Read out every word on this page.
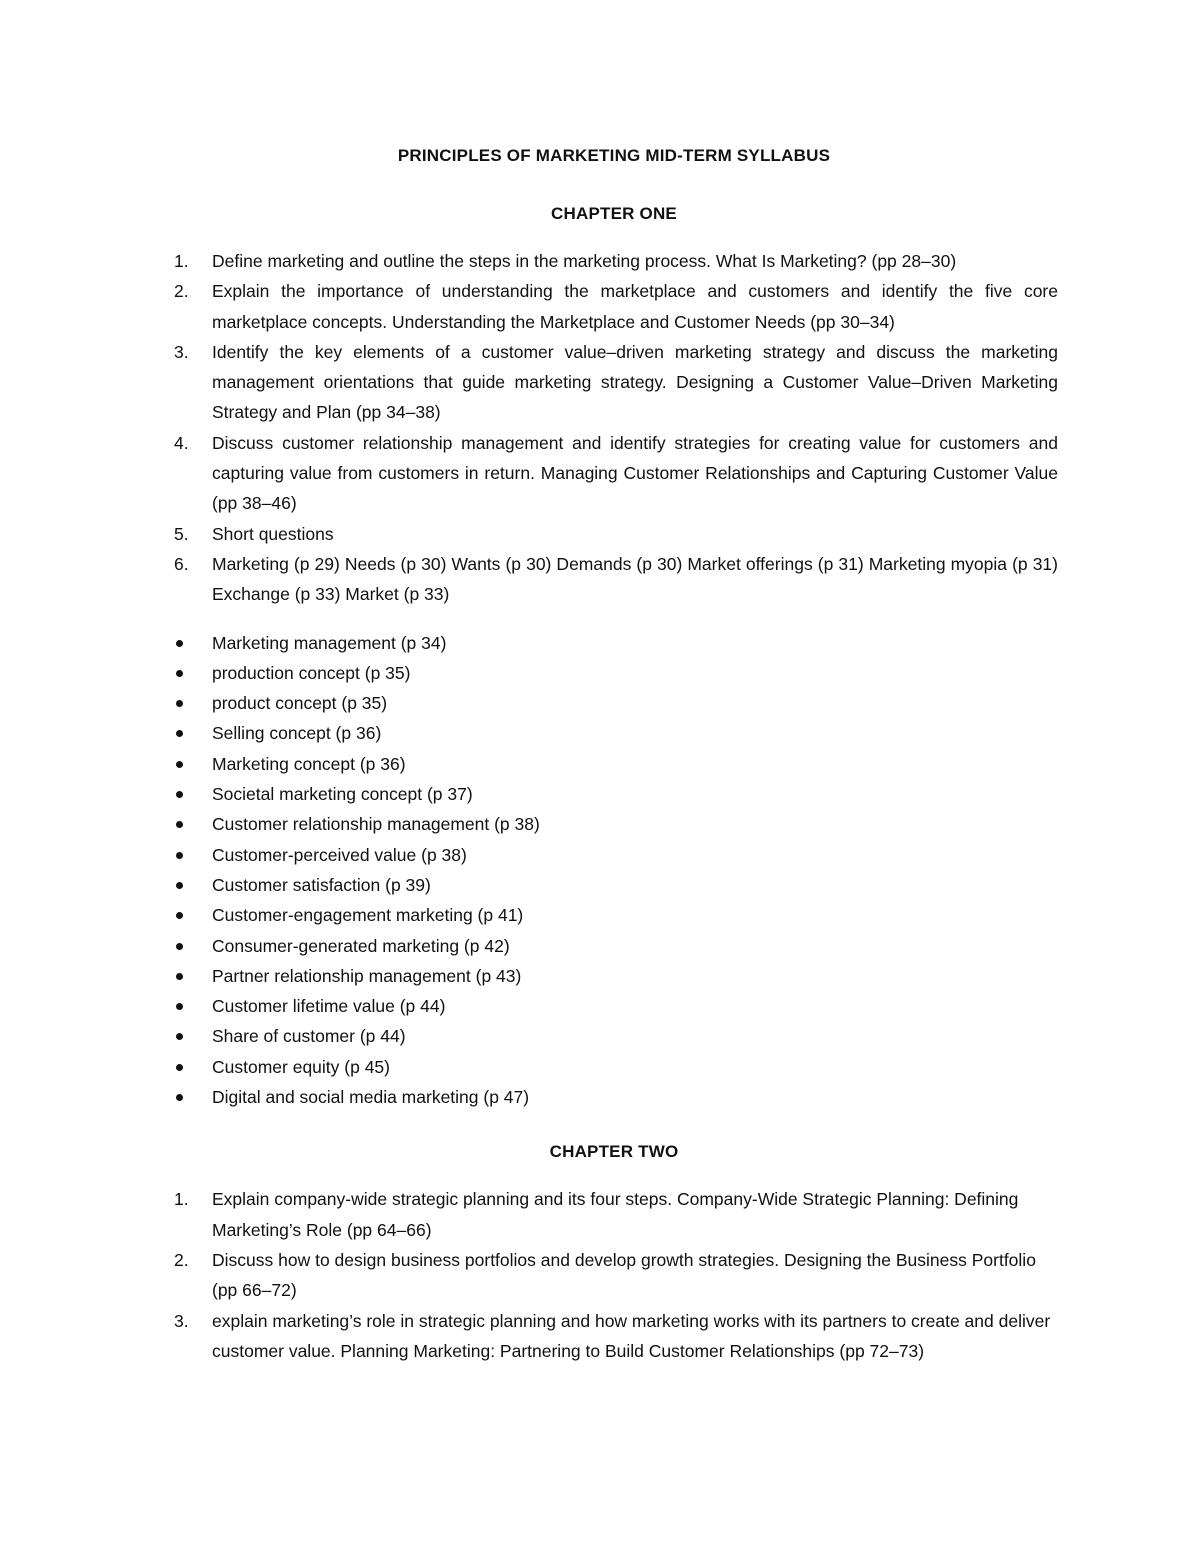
PRINCIPLES OF MARKETING MID-TERM SYLLABUS
CHAPTER ONE
1.	Define marketing and outline the steps in the marketing process. What Is Marketing? (pp 28–30)
2.	Explain the importance of understanding the marketplace and customers and identify the five core marketplace concepts. Understanding the Marketplace and Customer Needs (pp 30–34)
3.	Identify the key elements of a customer value–driven marketing strategy and discuss the marketing management orientations that guide marketing strategy. Designing a Customer Value–Driven Marketing Strategy and Plan (pp 34–38)
4.	Discuss customer relationship management and identify strategies for creating value for customers and capturing value from customers in return. Managing Customer Relationships and Capturing Customer Value (pp 38–46)
5.	Short questions
6.	Marketing (p 29) Needs (p 30) Wants (p 30) Demands (p 30) Market offerings (p 31) Marketing myopia (p 31) Exchange (p 33) Market (p 33)
Marketing management (p 34)
production concept (p 35)
product concept (p 35)
Selling concept (p 36)
Marketing concept (p 36)
Societal marketing concept (p 37)
Customer relationship management (p 38)
Customer-perceived value (p 38)
Customer satisfaction (p 39)
Customer-engagement marketing (p 41)
Consumer-generated marketing (p 42)
Partner relationship management (p 43)
Customer lifetime value (p 44)
Share of customer (p 44)
Customer equity (p 45)
Digital and social media marketing (p 47)
CHAPTER TWO
1.	Explain company-wide strategic planning and its four steps. Company-Wide Strategic Planning: Defining Marketing’s Role (pp 64–66)
2.	Discuss how to design business portfolios and develop growth strategies. Designing the Business Portfolio (pp 66–72)
3.	explain marketing’s role in strategic planning and how marketing works with its partners to create and deliver customer value. Planning Marketing: Partnering to Build Customer Relationships (pp 72–73)
